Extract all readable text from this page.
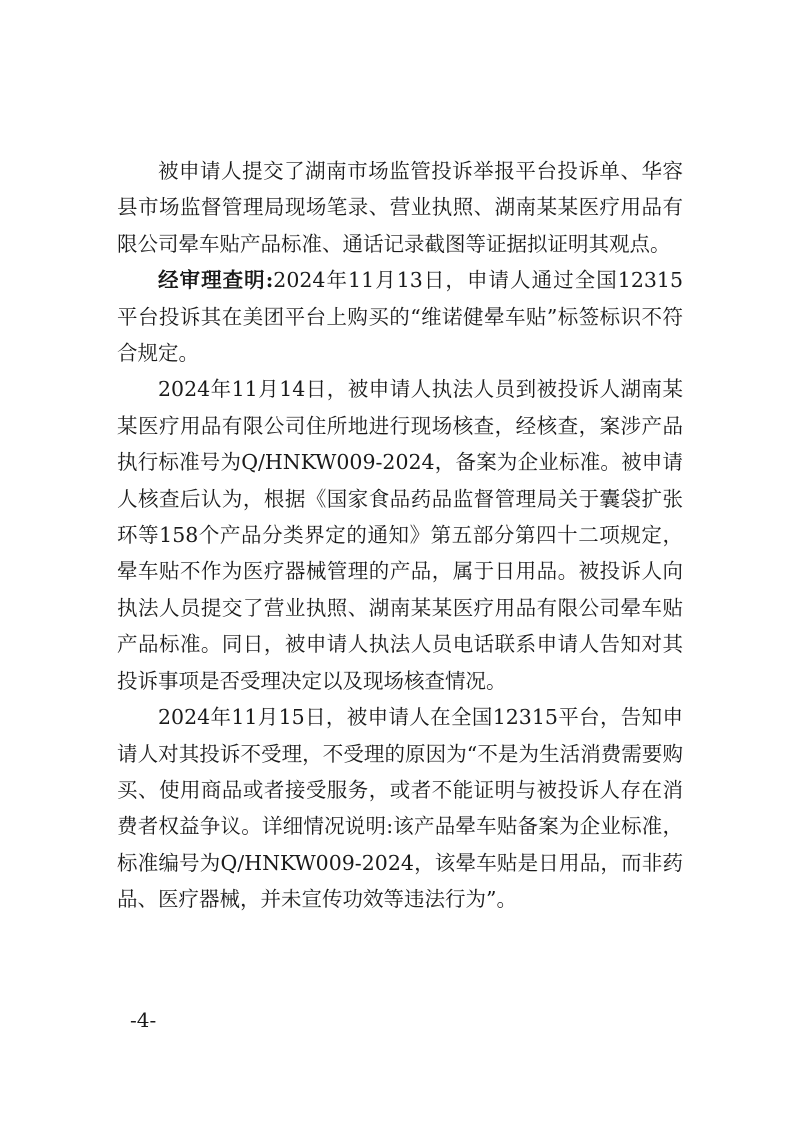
被申请人提交了湖南市场监管投诉举报平台投诉单、华容县市场监督管理局现场笔录、营业执照、湖南某某医疗用品有限公司晕车贴产品标准、通话记录截图等证据拟证明其观点。

经审理查明:2024年11月13日，申请人通过全国12315平台投诉其在美团平台上购买的“维诺健晕车贴”标签标识不符合规定。

2024年11月14日，被申请人执法人员到被投诉人湖南某某医疗用品有限公司住所地进行现场核查，经核查，案涉产品执行标准号为Q/HNKW009-2024，备案为企业标准。被申请人核查后认为，根据《国家食品药品监督管理局关于囊袋扩张环等158个产品分类界定的通知》第五部分第四十二项规定，晕车贴不作为医疗器械管理的产品，属于日用品。被投诉人向执法人员提交了营业执照、湖南某某医疗用品有限公司晕车贴产品标准。同日，被申请人执法人员电话联系申请人告知对其投诉事项是否受理决定以及现场核查情况。

2024年11月15日，被申请人在全国12315平台，告知申请人对其投诉不受理，不受理的原因为“不是为生活消费需要购买、使用商品或者接受服务，或者不能证明与被投诉人存在消费者权益争议。详细情况说明:该产品晕车贴备案为企业标准，标准编号为Q/HNKW009-2024，该晕车贴是日用品，而非药品、医疗器械，并未宣传功效等违法行为”。

-4-
